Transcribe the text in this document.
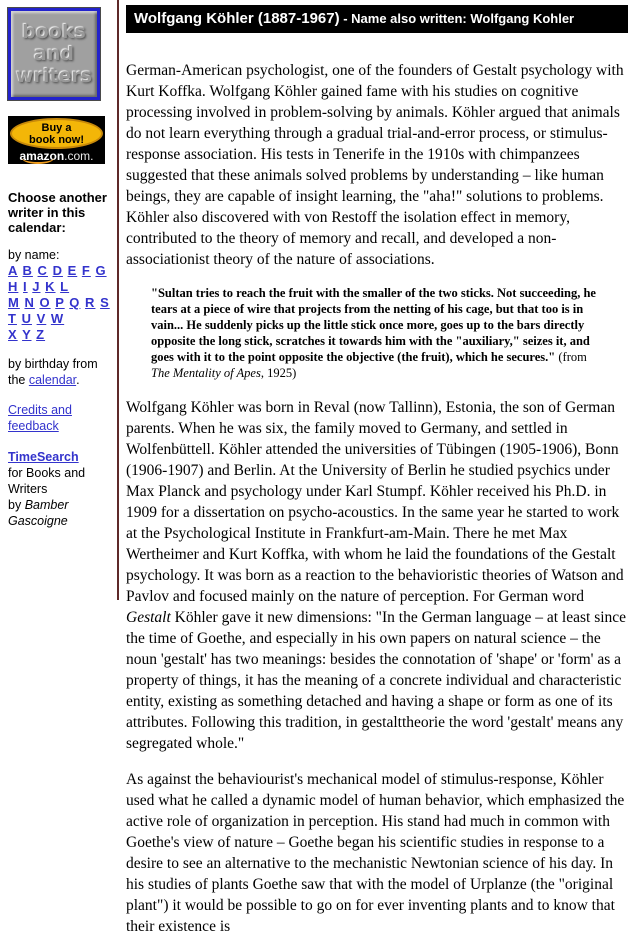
books
and
writers
Buy a
book now!
amazon.com.
Choose another writer in this calendar:
by name:
A B C D E F G H I J K L
M N O P Q R S T U V W
X Y Z
by birthday from the calendar.
Credits and feedback
TimeSearch
for Books and Writers
by Bamber Gascoigne
Wolfgang Köhler (1887-1967) - Name also written: Wolfgang Kohler

German-American psychologist, one of the founders of Gestalt psychology with Kurt Koffka. Wolfgang Köhler gained fame with his studies on cognitive processing involved in problem-solving by animals. Köhler argued that animals do not learn everything through a gradual trial-and-error process, or stimulus-response association. His tests in Tenerife in the 1910s with chimpanzees suggested that these animals solved problems by understanding – like human beings, they are capable of insight learning, the "aha!" solutions to problems. Köhler also discovered with von Restoff the isolation effect in memory, contributed to the theory of memory and recall, and developed a non-associationist theory of the nature of associations.

"Sultan tries to reach the fruit with the smaller of the two sticks. Not succeeding, he tears at a piece of wire that projects from the netting of his cage, but that too is in vain... He suddenly picks up the little stick once more, goes up to the bars directly opposite the long stick, scratches it towards him with the "auxiliary," seizes it, and goes with it to the point opposite the objective (the fruit), which he secures." (from The Mentality of Apes, 1925)

Wolfgang Köhler was born in Reval (now Tallinn), Estonia, the son of German parents. When he was six, the family moved to Germany, and settled in Wolfenbüttell. Köhler attended the universities of Tübingen (1905-1906), Bonn (1906-1907) and Berlin. At the University of Berlin he studied psychics under Max Planck and psychology under Karl Stumpf. Köhler received his Ph.D. in 1909 for a dissertation on psycho-acoustics. In the same year he started to work at the Psychological Institute in Frankfurt-am-Main. There he met Max Wertheimer and Kurt Koffka, with whom he laid the foundations of the Gestalt psychology. It was born as a reaction to the behavioristic theories of Watson and Pavlov and focused mainly on the nature of perception. For German word Gestalt Köhler gave it new dimensions: "In the German language – at least since the time of Goethe, and especially in his own papers on natural science – the noun 'gestalt' has two meanings: besides the connotation of 'shape' or 'form' as a property of things, it has the meaning of a concrete individual and characteristic entity, existing as something detached and having a shape or form as one of its attributes. Following this tradition, in gestalttheorie the word 'gestalt' means any segregated whole."

As against the behaviourist's mechanical model of stimulus-response, Köhler used what he called a dynamic model of human behavior, which emphasized the active role of organization in perception. His stand had much in common with Goethe's view of nature – Goethe began his scientific studies in response to a desire to see an alternative to the mechanistic Newtonian science of his day. In his studies of plants Goethe saw that with the model of Urplanze (the "original plant") it would be possible to go on for ever inventing plants and to know that their existence is
